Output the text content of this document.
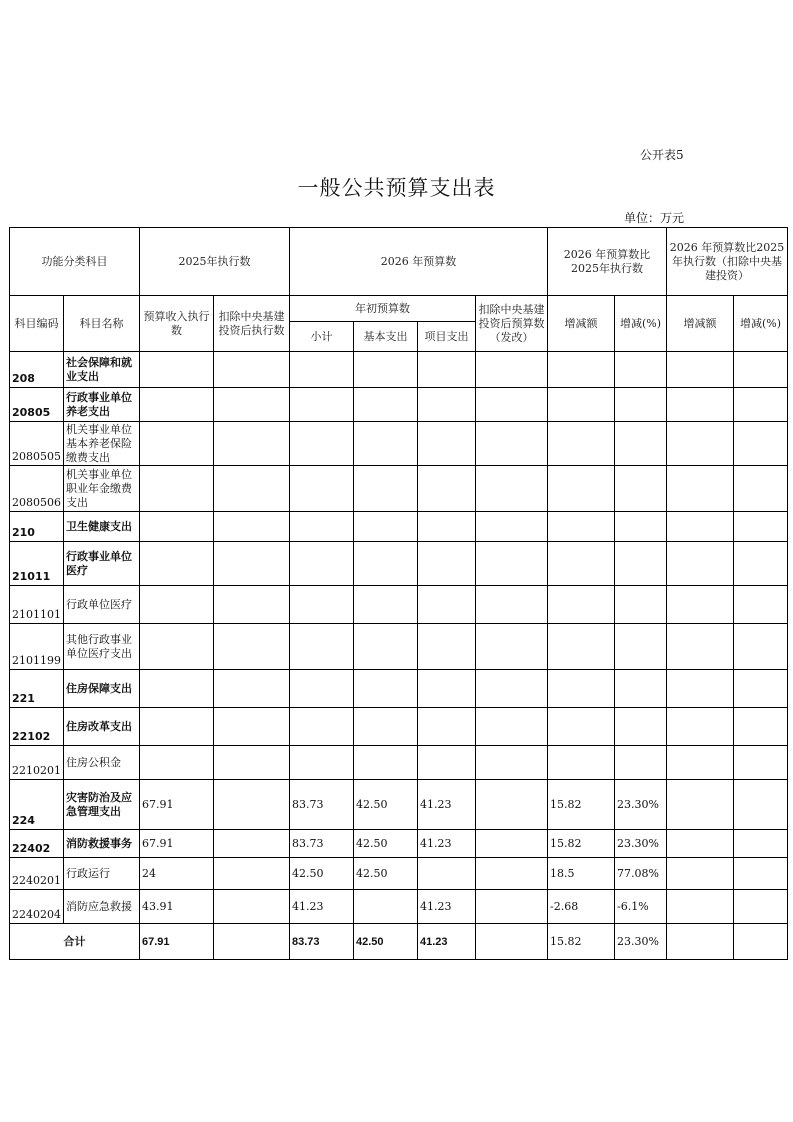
公开表5
一般公共预算支出表
单位：万元
功能分类科目		2025年执行数		2026 年预算数				2026 年预算数比2025年执行数		2026 年预算数比2025 年执行数（扣除中央基建投资）	
科目编码	科目名称	预算收入执行数	扣除中央基建投资后执行数	年初预算数			扣除中央基建投资后预算数（发改）	增减额	增减(%)	增减额	增减(%)
				小计	基本支出	项目支出					
208	社会保障和就业支出										
20805	行政事业单位养老支出										
2080505	机关事业单位基本养老保险缴费支出										
2080506	机关事业单位职业年金缴费支出										
210	卫生健康支出										
21011	行政事业单位医疗										
2101101	行政单位医疗										
2101199	其他行政事业单位医疗支出										
221	住房保障支出										
22102	住房改革支出										
2210201	住房公积金										
224	灾害防治及应急管理支出	67.91		83.73	42.50	41.23		15.82	23.30%		
22402	消防救援事务	67.91		83.73	42.50	41.23		15.82	23.30%		
2240201	行政运行	24		42.50	42.50			18.5	77.08%		
2240204	消防应急救援	43.91		41.23		41.23		-2.68	-6.1%		
合计		67.91		83.73	42.50	41.23		15.82	23.30%		
